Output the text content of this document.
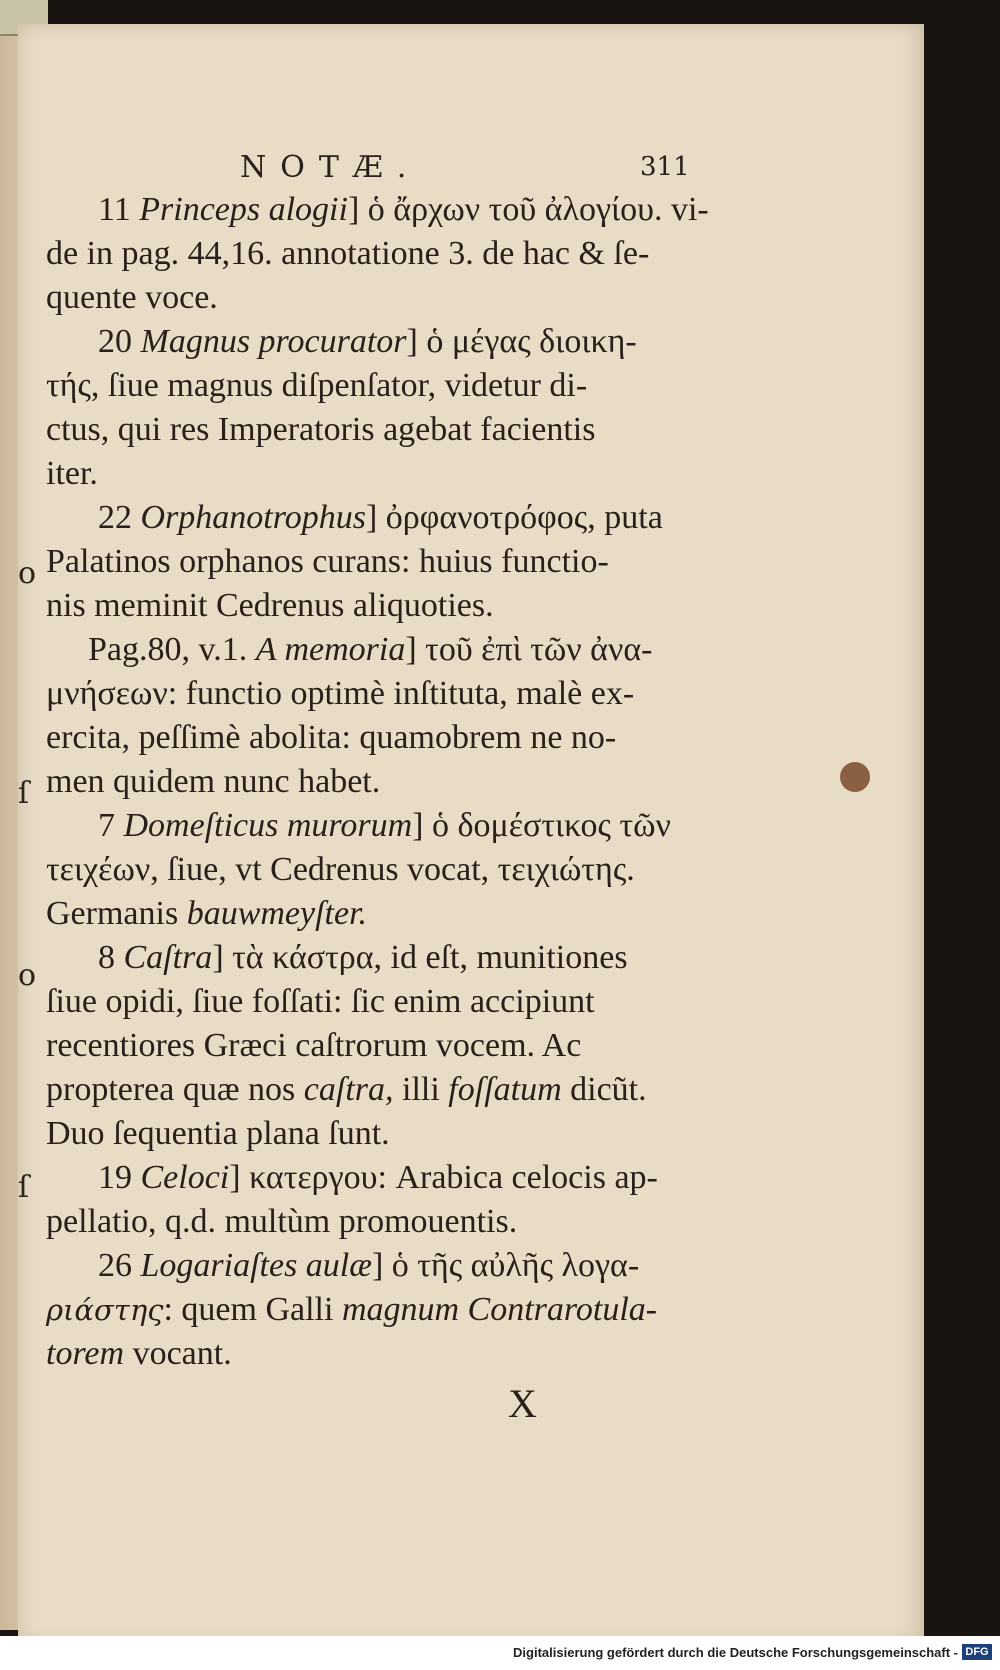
o
ſ
o
ſ
NOTÆ.	311

11 Princeps alogii] ὁ ἄρχων τοῦ ἀλογίου. vi-
de in pag. 44,16. annotatione 3. de hac & ſe-
quente voce.

20 Magnus procurator] ὁ μέγας διοικη-
τής, ſiue magnus diſpenſator, videtur di-
ctus, qui res Imperatoris agebat facientis
iter.

22 Orphanotrophus] ὀρφανοτρόφος, puta
Palatinos orphanos curans: huius functio-
nis meminit Cedrenus aliquoties.

Pag.80, v.1. A memoria] τοῦ ἐπὶ τῶν ἀνα-
μνήσεων: functio optimè inſtituta, malè ex-
ercita, peſſimè abolita: quamobrem ne no-
men quidem nunc habet.

7 Domeſticus murorum] ὁ δομέστικος τῶν
τειχέων, ſiue, vt Cedrenus vocat, τειχιώτης.
Germanis bauwmeyſter.

8 Caſtra] τὰ κάστρα, id eſt, munitiones
ſiue opidi, ſiue foſſati: ſic enim accipiunt
recentiores Græci caſtrorum vocem. Ac
propterea quæ nos caſtra, illi foſſatum dicũt.
Duo ſequentia plana ſunt.

19 Celoci] κατεργου: Arabica celocis ap-
pellatio, q.d. multùm promouentis.

26 Logariaſtes aulæ] ὁ τῆς αὐλῆς λογα-
ριάστης: quem Galli magnum Contrarotula-
torem vocant.

X
Digitalisierung gefördert durch die Deutsche Forschungsgemeinschaft - DFG
